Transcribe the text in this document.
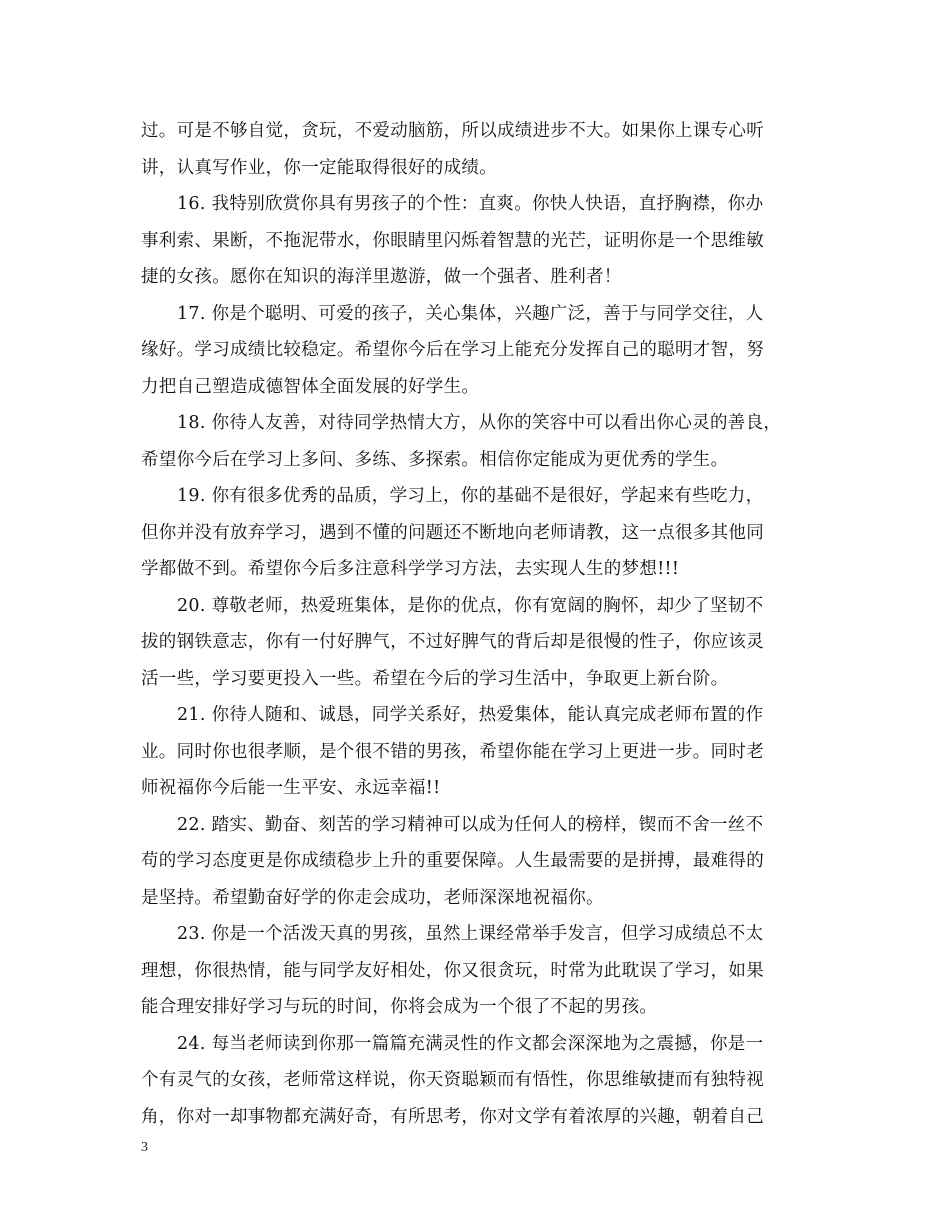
过。可是不够自觉，贪玩，不爱动脑筋，所以成绩进步不大。如果你上课专心听
讲，认真写作业，你一定能取得很好的成绩。

16. 我特别欣赏你具有男孩子的个性：直爽。你快人快语，直抒胸襟，你办
事利索、果断，不拖泥带水，你眼睛里闪烁着智慧的光芒，证明你是一个思维敏
捷的女孩。愿你在知识的海洋里遨游，做一个强者、胜利者！

17. 你是个聪明、可爱的孩子，关心集体，兴趣广泛，善于与同学交往，人
缘好。学习成绩比较稳定。希望你今后在学习上能充分发挥自己的聪明才智，努
力把自己塑造成德智体全面发展的好学生。

18. 你待人友善，对待同学热情大方，从你的笑容中可以看出你心灵的善良，
希望你今后在学习上多问、多练、多探索。相信你定能成为更优秀的学生。

19. 你有很多优秀的品质，学习上，你的基础不是很好，学起来有些吃力，
但你并没有放弃学习，遇到不懂的问题还不断地向老师请教，这一点很多其他同
学都做不到。希望你今后多注意科学学习方法，去实现人生的梦想!!!

20. 尊敬老师，热爱班集体，是你的优点，你有宽阔的胸怀，却少了坚韧不
拔的钢铁意志，你有一付好脾气，不过好脾气的背后却是很慢的性子，你应该灵
活一些，学习要更投入一些。希望在今后的学习生活中，争取更上新台阶。

21. 你待人随和、诚恳，同学关系好，热爱集体，能认真完成老师布置的作
业。同时你也很孝顺，是个很不错的男孩，希望你能在学习上更进一步。同时老
师祝福你今后能一生平安、永远幸福!!

22. 踏实、勤奋、刻苦的学习精神可以成为任何人的榜样，锲而不舍一丝不
苟的学习态度更是你成绩稳步上升的重要保障。人生最需要的是拼搏，最难得的
是坚持。希望勤奋好学的你走会成功，老师深深地祝福你。

23. 你是一个活泼天真的男孩，虽然上课经常举手发言，但学习成绩总不太
理想，你很热情，能与同学友好相处，你又很贪玩，时常为此耽误了学习，如果
能合理安排好学习与玩的时间，你将会成为一个很了不起的男孩。

24. 每当老师读到你那一篇篇充满灵性的作文都会深深地为之震撼，你是一
个有灵气的女孩，老师常这样说，你天资聪颖而有悟性，你思维敏捷而有独特视
角，你对一却事物都充满好奇，有所思考，你对文学有着浓厚的兴趣，朝着自己

3
